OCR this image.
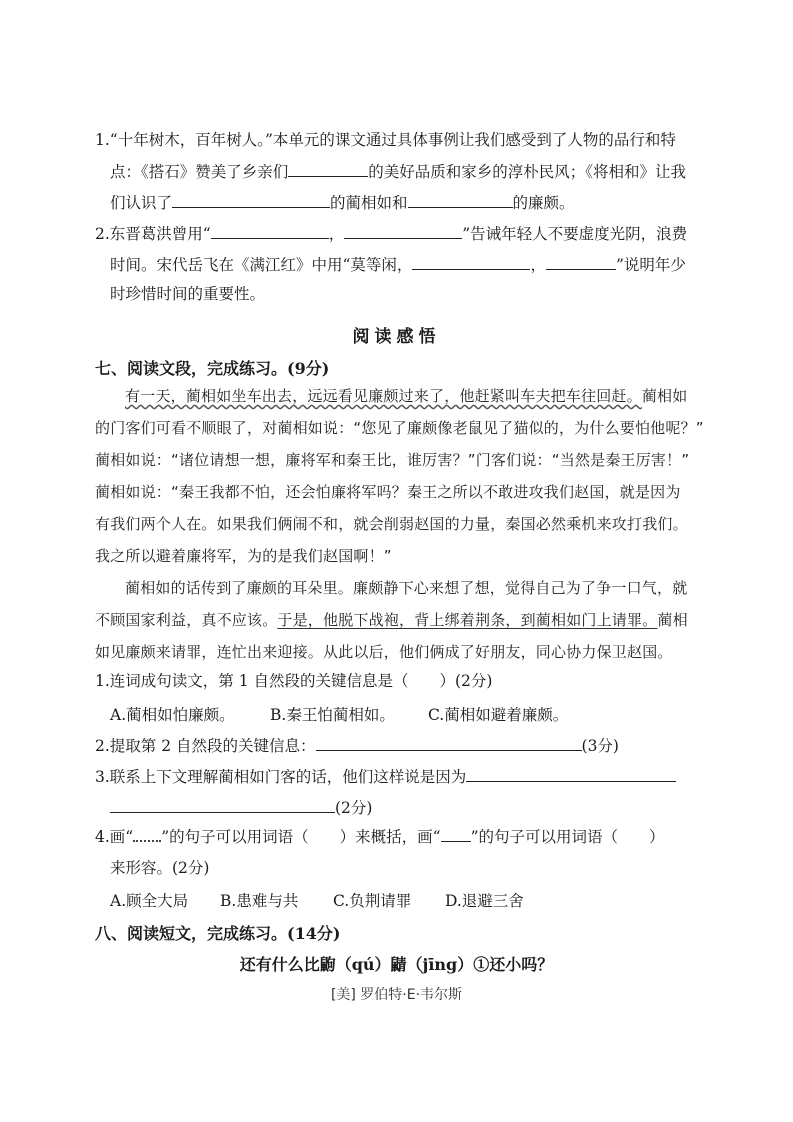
1.“十年树木，百年树人。”本单元的课文通过具体事例让我们感受到了人物的品行和特
点：《搭石》赞美了乡亲们	的美好品质和家乡的淳朴民风；《将相和》让我
们认识了	的蔺相如和	的廉颇。
2.东晋葛洪曾用“	，	”告诫年轻人不要虚度光阴，浪费
时间。宋代岳飞在《满江红》中用“莫等闲，	，	”说明年少
时珍惜时间的重要性。
阅读感悟
七、阅读文段，完成练习。(9分)
有一天，蔺相如坐车出去，远远看见廉颇过来了，他赶紧叫车夫把车往回赶。蔺相如
的门客们可看不顺眼了，对蔺相如说：“您见了廉颇像老鼠见了猫似的，为什么要怕他呢？”
蔺相如说：“诸位请想一想，廉将军和秦王比，谁厉害？”门客们说：“当然是秦王厉害！”
蔺相如说：“秦王我都不怕，还会怕廉将军吗？秦王之所以不敢进攻我们赵国，就是因为
有我们两个人在。如果我们俩闹不和，就会削弱赵国的力量，秦国必然乘机来攻打我们。
我之所以避着廉将军，为的是我们赵国啊！”
蔺相如的话传到了廉颇的耳朵里。廉颇静下心来想了想，觉得自己为了争一口气，就
不顾国家利益，真不应该。于是，他脱下战袍，背上绑着荆条，到蔺相如门上请罪。蔺相
如见廉颇来请罪，连忙出来迎接。从此以后，他们俩成了好朋友，同心协力保卫赵国。
1.连词成句读文，第 1 自然段的关键信息是（　　）(2分)
A.蔺相如怕廉颇。 B.秦王怕蔺相如。 C.蔺相如避着廉颇。
2.提取第 2 自然段的关键信息：	(3分)
3.联系上下文理解蔺相如门客的话，他们这样说是因为
(2分)
4.画“ ”的句子可以用词语（　　）来概括，画“ ”的句子可以用词语（　　）
来形容。(2分)
A.顾全大局 B.患难与共 C.负荆请罪 D.退避三舍
八、阅读短文，完成练习。(14分)
还有什么比鼩（qú）鼱（jīng）①还小吗？
[美] 罗伯特·E·韦尔斯
